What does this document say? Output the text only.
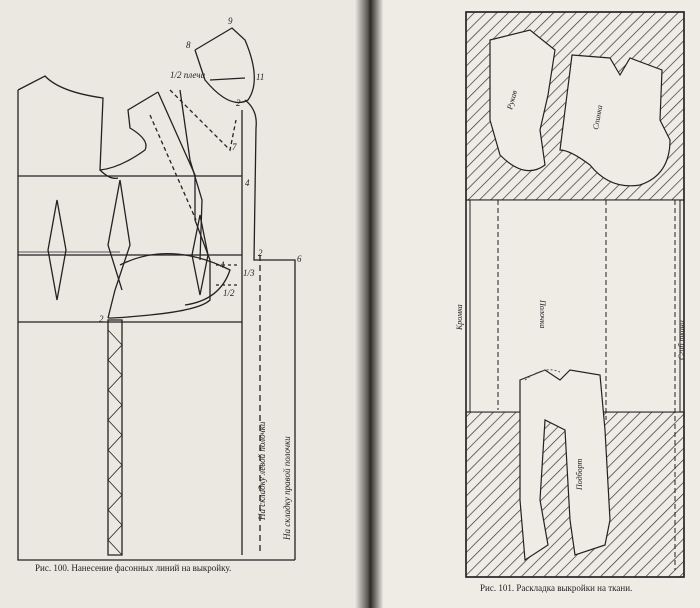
9
8
11
1/2 плеча
2
7
4
2
6
4
1/3
1/2
2
На складку левой полочки На складку правой полочки
Рукав
Спинка
Полочка
Кромка
Сгиб ткани
Подборт
Рис. 100. Нанесение фасонных линий на выкройку.
Рис. 101. Раскладка выкройки на ткани.
